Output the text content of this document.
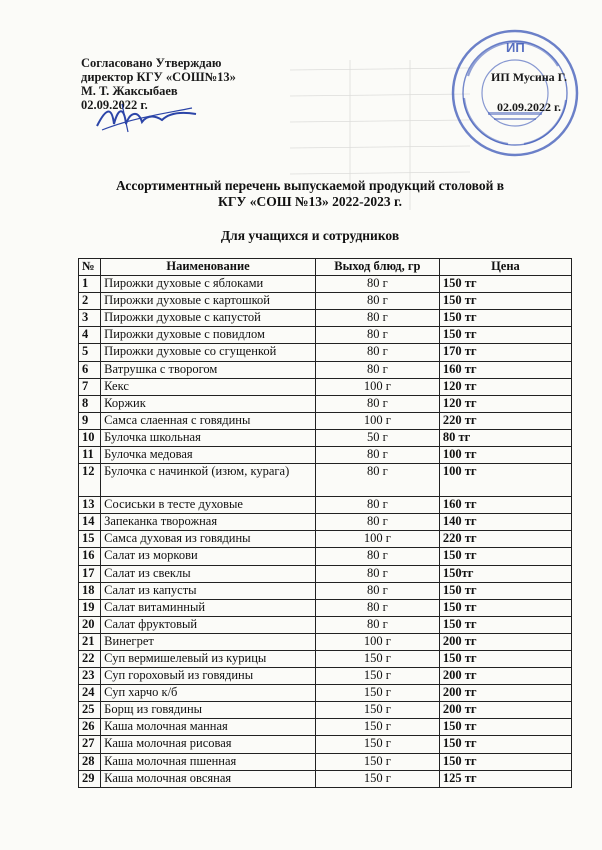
Согласовано Утверждаю
директор КГУ «СОШ№13»
М. Т. Жаксыбаев
02.09.2022 г.
ИП
ИП Мусина Г.
02.09.2022 г.
Ассортиментный перечень выпускаемой продукций столовой в
КГУ «СОШ №13» 2022-2023 г.
Для учащихся и сотрудников
№	Наименование	Выход блюд, гр	Цена
1	Пирожки духовые с яблоками	80 г	150 тг
2	Пирожки духовые с картошкой	80 г	150 тг
3	Пирожки духовые с капустой	80 г	150 тг
4	Пирожки духовые с повидлом	80 г	150 тг
5	Пирожки духовые со сгущенкой	80 г	170 тг
6	Ватрушка с творогом	80 г	160 тг
7	Кекс	100 г	120 тг
8	Коржик	80 г	120 тг
9	Самса слаенная с говядины	100 г	220 тг
10	Булочка школьная	50 г	80 тг
11	Булочка медовая	80 г	100 тг
12	Булочка с начинкой (изюм, курага)	80 г	100 тг
13	Сосиськи в тесте духовые	80 г	160 тг
14	Запеканка творожная	80 г	140 тг
15	Самса духовая из говядины	100 г	220 тг
16	Салат из моркови	80 г	150 тг
17	Салат из свеклы	80 г	150тг
18	Салат из капусты	80 г	150 тг
19	Салат витаминный	80 г	150 тг
20	Салат фруктовый	80 г	150 тг
21	Винегрет	100 г	200 тг
22	Суп вермишелевый из курицы	150 г	150 тг
23	Суп гороховый из говядины	150 г	200 тг
24	Суп харчо к/б	150 г	200 тг
25	Борщ из говядины	150 г	200 тг
26	Каша молочная манная	150 г	150 тг
27	Каша молочная рисовая	150 г	150 тг
28	Каша молочная пшенная	150 г	150 тг
29	Каша молочная овсяная	150 г	125 тг
